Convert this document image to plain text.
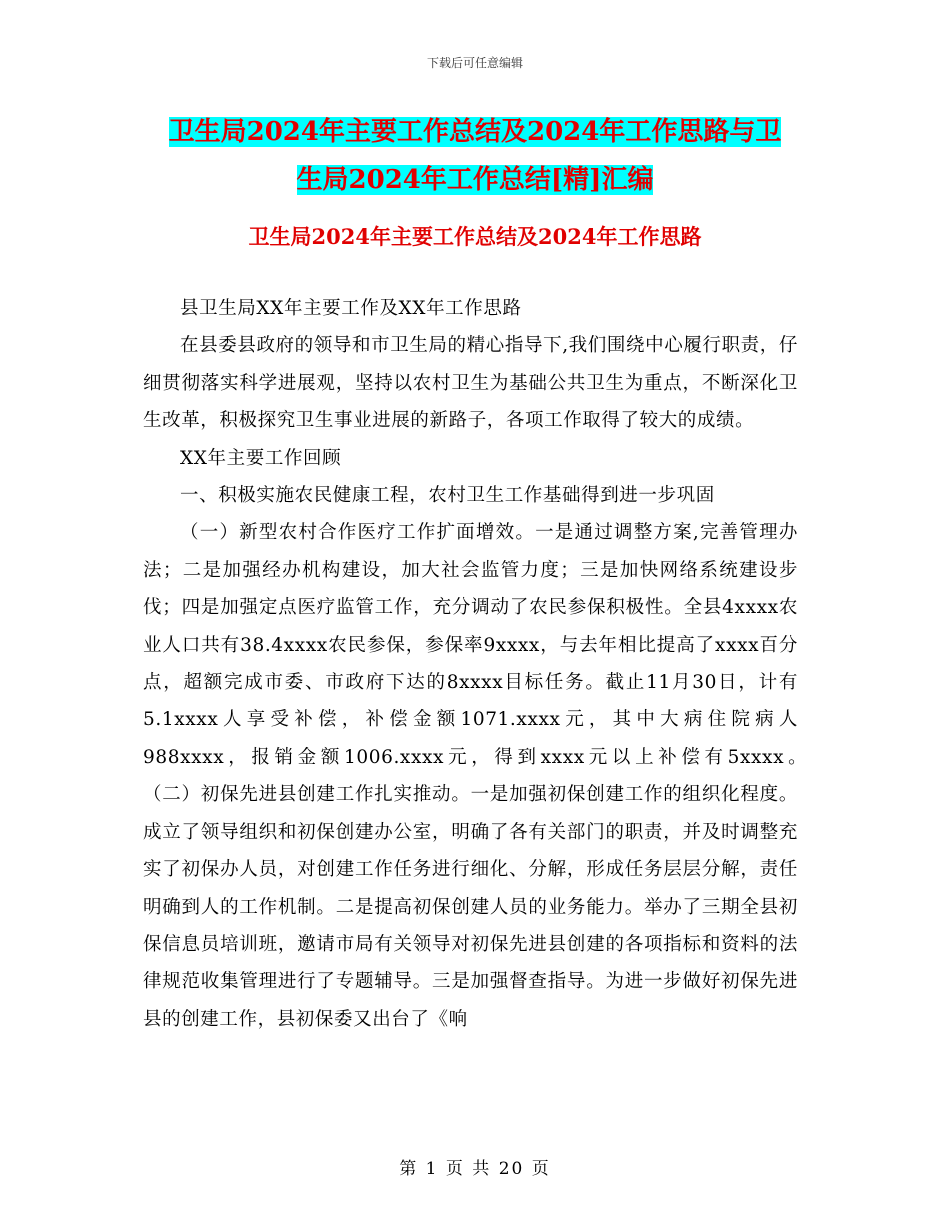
下载后可任意编辑
卫生局2024年主要工作总结及2024年工作思路与卫
生局2024年工作总结[精]汇编
卫生局2024年主要工作总结及2024年工作思路

县卫生局XX年主要工作及XX年工作思路

在县委县政府的领导和市卫生局的精心指导下,我们围绕中心履行职责，仔细贯彻落实科学进展观，坚持以农村卫生为基础公共卫生为重点，不断深化卫生改革，积极探究卫生事业进展的新路子，各项工作取得了较大的成绩。

XX年主要工作回顾

一、积极实施农民健康工程，农村卫生工作基础得到进一步巩固

（一）新型农村合作医疗工作扩面增效。一是通过调整方案,完善管理办法；二是加强经办机构建设，加大社会监管力度；三是加快网络系统建设步伐；四是加强定点医疗监管工作，充分调动了农民参保积极性。全县4xxxx农业人口共有38.4xxxx农民参保，参保率9xxxx，与去年相比提高了xxxx百分点，超额完成市委、市政府下达的8xxxx目标任务。截止11月30日，计有5.1xxxx人享受补偿，补偿金额1071.xxxx元，其中大病住院病人988xxxx，报销金额1006.xxxx元，得到xxxx元以上补偿有5xxxx。　　　　　（二）初保先进县创建工作扎实推动。一是加强初保创建工作的组织化程度。成立了领导组织和初保创建办公室，明确了各有关部门的职责，并及时调整充实了初保办人员，对创建工作任务进行细化、分解，形成任务层层分解，责任明确到人的工作机制。二是提高初保创建人员的业务能力。举办了三期全县初保信息员培训班，邀请市局有关领导对初保先进县创建的各项指标和资料的法律规范收集管理进行了专题辅导。三是加强督查指导。为进一步做好初保先进县的创建工作，县初保委又出台了《响

第 1 页 共 20 页
